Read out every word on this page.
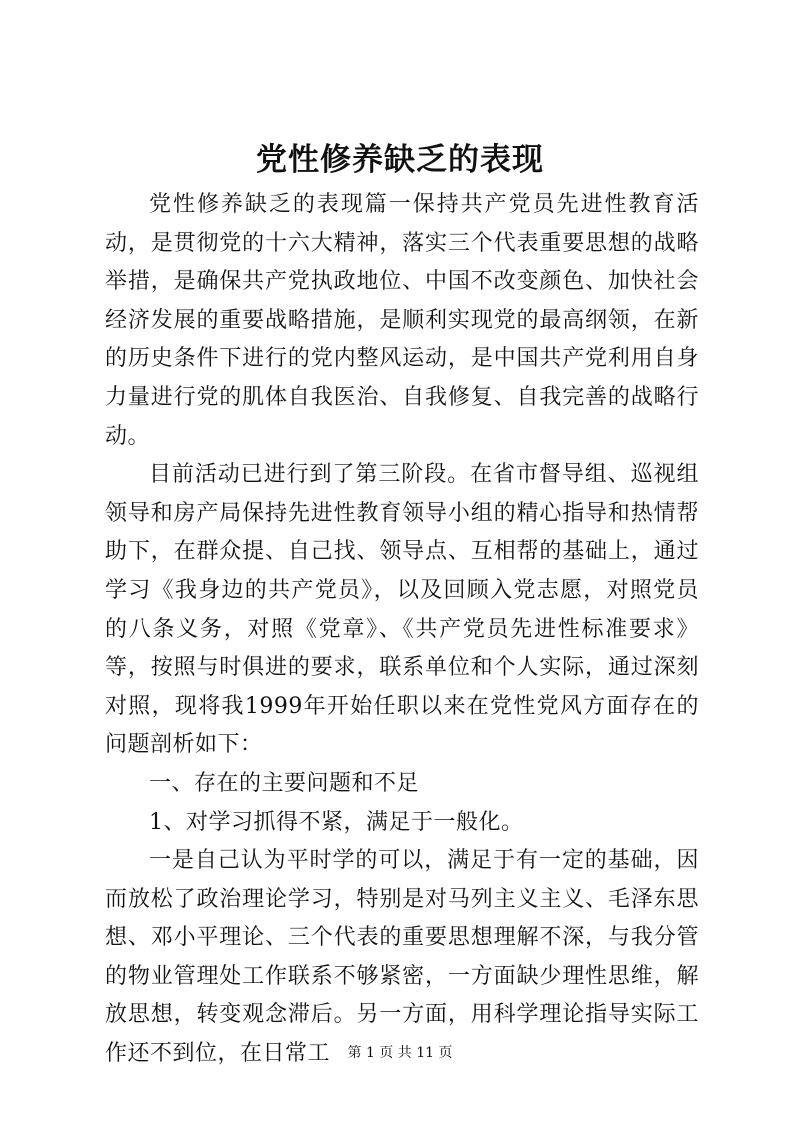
党性修养缺乏的表现

党性修养缺乏的表现篇一保持共产党员先进性教育活动，是贯彻党的十六大精神，落实三个代表重要思想的战略举措，是确保共产党执政地位、中国不改变颜色、加快社会经济发展的重要战略措施，是顺利实现党的最高纲领，在新的历史条件下进行的党内整风运动，是中国共产党利用自身力量进行党的肌体自我医治、自我修复、自我完善的战略行动。

目前活动已进行到了第三阶段。在省市督导组、巡视组领导和房产局保持先进性教育领导小组的精心指导和热情帮助下，在群众提、自己找、领导点、互相帮的基础上，通过学习《我身边的共产党员》，以及回顾入党志愿，对照党员的八条义务，对照《党章》、《共产党员先进性标准要求》等，按照与时俱进的要求，联系单位和个人实际，通过深刻对照，现将我1999年开始任职以来在党性党风方面存在的问题剖析如下：

一、存在的主要问题和不足

1、对学习抓得不紧，满足于一般化。

一是自己认为平时学的可以，满足于有一定的基础，因而放松了政治理论学习，特别是对马列主义主义、毛泽东思想、邓小平理论、三个代表的重要思想理解不深，与我分管的物业管理处工作联系不够紧密，一方面缺少理性思维，解放思想，转变观念滞后。另一方面，用科学理论指导实际工作还不到位，在日常工	第 1 页 共 11 页
